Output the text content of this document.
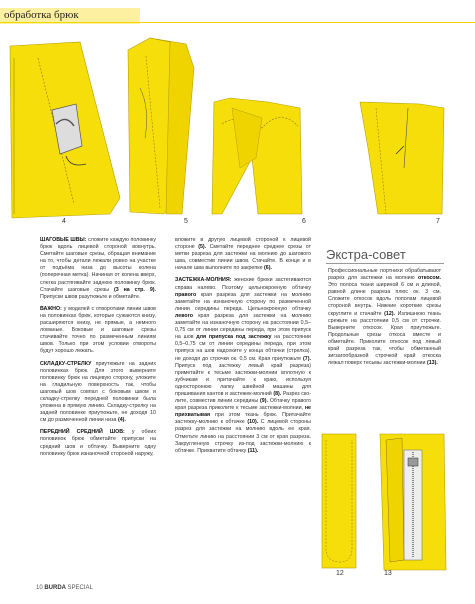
обработка брюк
4	5	6	7

ШАГОВЫЕ ШВЫ: сложите каждую половинку брюк вдоль лицевой стороной вовнутрь. Сметайте шаговые срезы, обращая внимание на то, чтобы детали лежали ровно на участке от подъёма низа до высоты колена (поперечная метка). Начиная от колена вверх, слегка растягивайте заднюю половинку брюк. Стачайте шаговые срезы (3 на стр. 9). Припуски швов разутюжьте и обметайте.

ВАЖНО: у моделей с отворотами линии швов на половинках брюк, которые сужаются книзу, расширяются книзу, не прямые, а немного ломаные. Боковые и шаговые срезы стачивайте точно по размеченным линиям швов. Только при этом условии отвороты будут хорошо лежать.

СКЛАДКУ-СТРЕЛКУ приутюжьте на задних половинках брюк. Для этого выверните половинку брюк на лицевую сторону, уложите на гладильную поверхность так, чтобы шаговый шов совпал с боковым швом и складку-стрелку передней половинки была уложена в прямую линию. Складку-стрелку на задней половинке приутюжьте, не доходя 10 см до размеченной линии низа (4).

ПЕРЕДНИЙ СРЕДНИЙ ШОВ: у обеих половинок брюк обметайте припуски на средний шов и обтачку. Выверните одну половинку брюк изнаночной стороной наружу,

вложите в другую лицевой стороной к лицевой стороне (5). Сметайте переднее среднее срезы от метки разреза для застежки на молнию до шагового шва, совместив линии швов. Стачайте. В конце и в начале шва выполните по закрепке (6).

ЗАСТЕЖКА-МОЛНИЯ: женские брюки застегиваются справа налево. Поэтому цельнокроеную обтачку правого края разреза для застежки на молнию заметайте на изнаночную сторону по размеченной линии середины переда. Цельнокроеную обтачку левого края разреза для застежки на молнию заметайте на изнаночную сторону на расстоянии 0,5–0,75 см от линии середины переда, при этом припуск на шов для припуска под застежку на расстоянии 0,5–0,75 см от линии середины переда, при этом припуск на шов надсеките у конца обтачки (стрелка), не доходя до строчки ок. 0,5 см. Края приутюжьте (7). Припуск под застежку левый край разреза) приметайте к тесьме застежки-молнии вплотную к зубчикам и притачайте к краю, используя односторонюю лапку швейной машины для пришивания кантов и застежек-молний (8). Разрез ско-лите, совместив линии середины (9). Обтачку правого края разреза приколите к тесьме застежки-молнии, не прихватывая при этом ткань брюк. Притачайте застежку-молнию к обтачке (10). С лицевой стороны разрез для застежки на молнию вдоль ее края. Отметьте линию на расстоянии 3 см от края разреза. Закругленную строчку из-под застежки-молнию к обтачке. Прихватите обтачку (11).

Экстра-совет

Профессиональные портнихи обрабатывают разрез для застежки на молнию откосом. Это полоса ткани шириной 6 см и длиной, равной длине разреза плюс ок. 3 см. Сложите откосок вдоль пополам лицевой стороной внутрь. Нижние короткие срезы скруглите и стачайте (12). Излишнюю ткань срежьте на расстоянии 0,5 см от строчки. Выверните откосок. Края приутюжьте. Продольные срезы откоса вместе и обметайте. Приколите откосок под левый край разреза так, чтобы обметанный зигзагообразной строчкой край откоска лежал поверх тесьмы застежки-молнии (13).

12	13
10 BURDA SPECIAL
